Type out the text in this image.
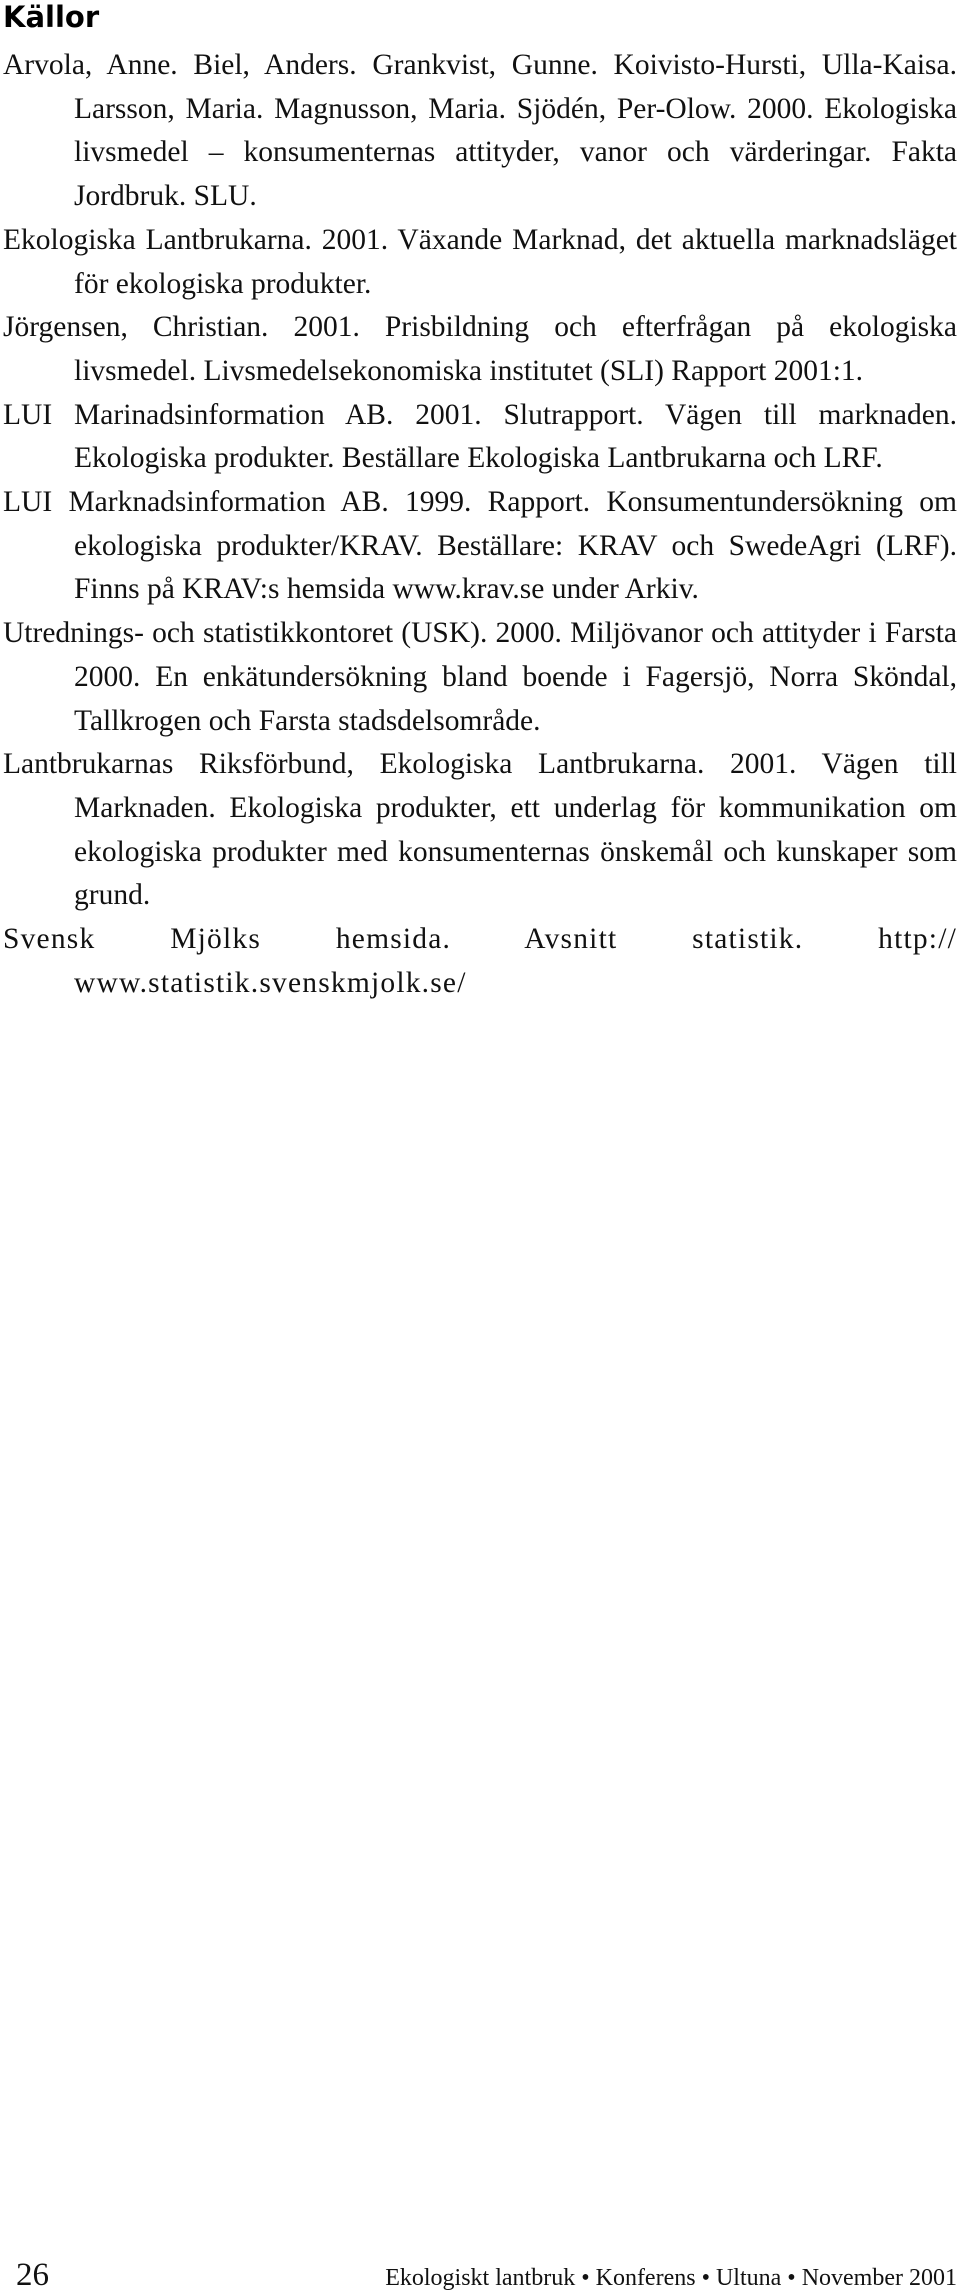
Källor
Arvola, Anne. Biel, Anders. Grankvist, Gunne. Koivisto-Hursti, Ulla-Kaisa. Larsson, Maria. Magnusson, Maria. Sjödén, Per-Olow. 2000. Ekologiska livsmedel – konsumenternas attityder, vanor och värderingar. Fakta Jordbruk. SLU.
Ekologiska Lantbrukarna. 2001. Växande Marknad, det aktuella marknadsläget för ekologiska produkter.
Jörgensen, Christian. 2001. Prisbildning och efterfrågan på ekologiska livsmedel. Livsmedelsekonomiska institutet (SLI) Rapport 2001:1.
LUI Marinadsinformation AB. 2001. Slutrapport. Vägen till marknaden. Ekologiska produkter. Beställare Ekologiska Lantbrukarna och LRF.
LUI Marknadsinformation AB. 1999. Rapport. Konsumentundersökning om ekologiska produkter/KRAV. Beställare: KRAV och SwedeAgri (LRF). Finns på KRAV:s hemsida www.krav.se under Arkiv.
Utrednings- och statistikkontoret (USK). 2000. Miljövanor och attityder i Farsta 2000. En enkätundersökning bland boende i Fagersjö, Norra Sköndal, Tallkrogen och Farsta stadsdelsområde.
Lantbrukarnas Riksförbund, Ekologiska Lantbrukarna. 2001. Vägen till Marknaden. Ekologiska produkter, ett underlag för kommunikation om ekologiska produkter med konsumenternas önskemål och kunskaper som grund.
Svensk Mjölks hemsida. Avsnitt statistik. http:// www.statistik.svenskmjolk.se/
26	Ekologiskt lantbruk • Konferens • Ultuna • November 2001
